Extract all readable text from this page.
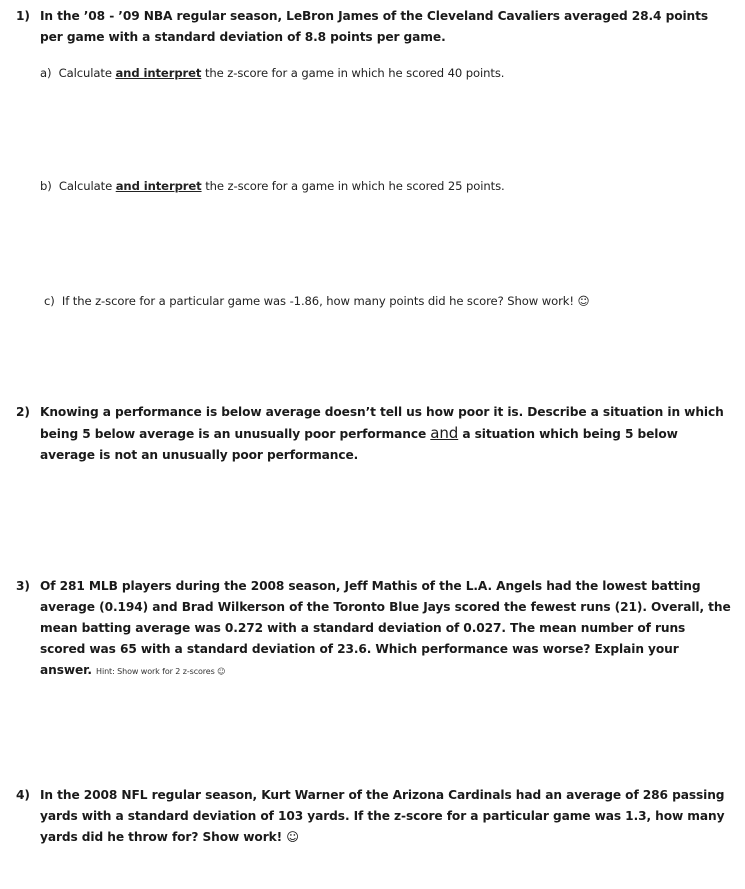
1) In the ’08 - ’09 NBA regular season, LeBron James of the Cleveland Cavaliers averaged 28.4 points per game with a standard deviation of 8.8 points per game.
a) Calculate and interpret the z-score for a game in which he scored 40 points.
b) Calculate and interpret the z-score for a game in which he scored 25 points.
c) If the z-score for a particular game was -1.86, how many points did he score? Show work! ☺
2) Knowing a performance is below average doesn’t tell us how poor it is. Describe a situation in which being 5 below average is an unusually poor performance and a situation which being 5 below average is not an unusually poor performance.
3) Of 281 MLB players during the 2008 season, Jeff Mathis of the L.A. Angels had the lowest batting average (0.194) and Brad Wilkerson of the Toronto Blue Jays scored the fewest runs (21). Overall, the mean batting average was 0.272 with a standard deviation of 0.027. The mean number of runs scored was 65 with a standard deviation of 23.6. Which performance was worse? Explain your answer. Hint: Show work for 2 z-scores ☺
4) In the 2008 NFL regular season, Kurt Warner of the Arizona Cardinals had an average of 286 passing yards with a standard deviation of 103 yards. If the z-score for a particular game was 1.3, how many yards did he throw for? Show work! ☺
